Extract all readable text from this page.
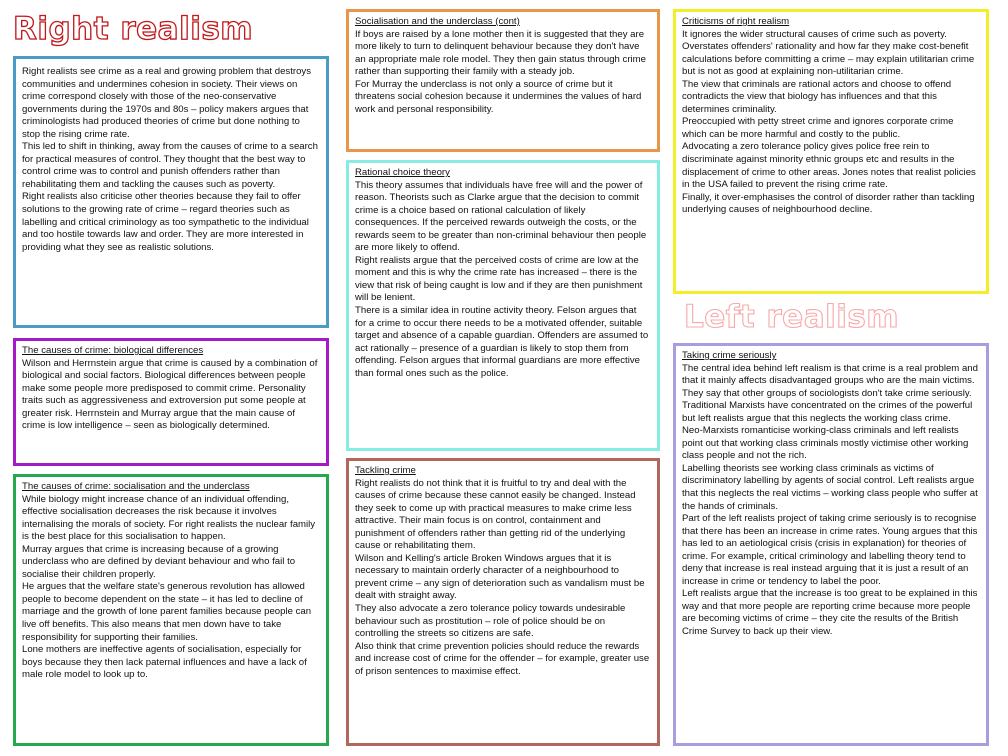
Right realism
Left realism

Right realists see crime as a real and growing problem that destroys communities and undermines cohesion in society. Their views on crime correspond closely with those of the neo-conservative governments during the 1970s and 80s – policy makers argues that criminologists had produced theories of crime but done nothing to stop the rising crime rate.

This led to shift in thinking, away from the causes of crime to a search for practical measures of control. They thought that the best way to control crime was to control and punish offenders rather than rehabilitating them and tackling the causes such as poverty.

Right realists also criticise other theories because they fail to offer solutions to the growing rate of crime – regard theories such as labelling and critical criminology as too sympathetic to the individual and too hostile towards law and order. They are more interested in providing what they see as realistic solutions.

The causes of crime: biological differences

Wilson and Herrnstein argue that crime is caused by a combination of biological and social factors. Biological differences between people make some people more predisposed to commit crime. Personality traits such as aggressiveness and extroversion put some people at greater risk. Herrnstein and Murray argue that the main cause of crime is low intelligence – seen as biologically determined.

The causes of crime: socialisation and the underclass

While biology might increase chance of an individual offending, effective socialisation decreases the risk because it involves internalising the morals of society. For right realists the nuclear family is the best place for this socialisation to happen.

Murray argues that crime is increasing because of a growing underclass who are defined by deviant behaviour and who fail to socialise their children properly.

He argues that the welfare state's generous revolution has allowed people to become dependent on the state – it has led to decline of marriage and the growth of lone parent families because people can live off benefits. This also means that men down have to take responsibility for supporting their families.

Lone mothers are ineffective agents of socialisation, especially for boys because they then lack paternal influences and have a lack of male role model to look up to.

Socialisation and the underclass (cont)

If boys are raised by a lone mother then it is suggested that they are more likely to turn to delinquent behaviour because they don't have an appropriate male role model. They then gain status through crime rather than supporting their family with a steady job.

For Murray the underclass is not only a source of crime but it threatens social cohesion because it undermines the values of hard work and personal responsibility.

Rational choice theory

This theory assumes that individuals have free will and the power of reason. Theorists such as Clarke argue that the decision to commit crime is a choice based on rational calculation of likely consequences. If the perceived rewards outweigh the costs, or the rewards seem to be greater than non-criminal behaviour then people are more likely to offend.

Right realists argue that the perceived costs of crime are low at the moment and this is why the crime rate has increased – there is the view that risk of being caught is low and if they are then punishment will be lenient.

There is a similar idea in routine activity theory. Felson argues that for a crime to occur there needs to be a motivated offender, suitable target and absence of a capable guardian. Offenders are assumed to act rationally – presence of a guardian is likely to stop them from offending. Felson argues that informal guardians are more effective than formal ones such as the police.

Tackling crime

Right realists do not think that it is fruitful to try and deal with the causes of crime because these cannot easily be changed. Instead they seek to come up with practical measures to make crime less attractive. Their main focus is on control, containment and punishment of offenders rather than getting rid of the underlying cause or rehabilitating them.

Wilson and Kelling's article Broken Windows argues that it is necessary to maintain orderly character of a neighbourhood to prevent crime – any sign of deterioration such as vandalism must be dealt with straight away.

They also advocate a zero tolerance policy towards undesirable behaviour such as prostitution – role of police should be on controlling the streets so citizens are safe.

Also think that crime prevention policies should reduce the rewards and increase cost of crime for the offender – for example, greater use of prison sentences to maximise effect.

Criticisms of right realism

It ignores the wider structural causes of crime such as poverty.

Overstates offenders' rationality and how far they make cost-benefit calculations before committing a crime – may explain utilitarian crime but is not as good at explaining non-utilitarian crime.

The view that criminals are rational actors and choose to offend contradicts the view that biology has influences and that this determines criminality.

Preoccupied with petty street crime and ignores corporate crime which can be more harmful and costly to the public.

Advocating a zero tolerance policy gives police free rein to discriminate against minority ethnic groups etc and results in the displacement of crime to other areas. Jones notes that realist policies in the USA failed to prevent the rising crime rate.

Finally, it over-emphasises the control of disorder rather than tackling underlying causes of neighbourhood decline.

Taking crime seriously

The central idea behind left realism is that crime is a real problem and that it mainly affects disadvantaged groups who are the main victims. They say that other groups of sociologists don't take crime seriously.

Traditional Marxists have concentrated on the crimes of the powerful but left realists argue that this neglects the working class crime.

Neo-Marxists romanticise working-class criminals and left realists point out that working class criminals mostly victimise other working class people and not the rich.

Labelling theorists see working class criminals as victims of discriminatory labelling by agents of social control. Left realists argue that this neglects the real victims – working class people who suffer at the hands of criminals.

Part of the left realists project of taking crime seriously is to recognise that there has been an increase in crime rates. Young argues that this has led to an aetiological crisis (crisis in explanation) for theories of crime. For example, critical criminology and labelling theory tend to deny that increase is real instead arguing that it is just a result of an increase in crime or tendency to label the poor.

Left realists argue that the increase is too great to be explained in this way and that more people are reporting crime because more people are becoming victims of crime – they cite the results of the British Crime Survey to back up their view.
